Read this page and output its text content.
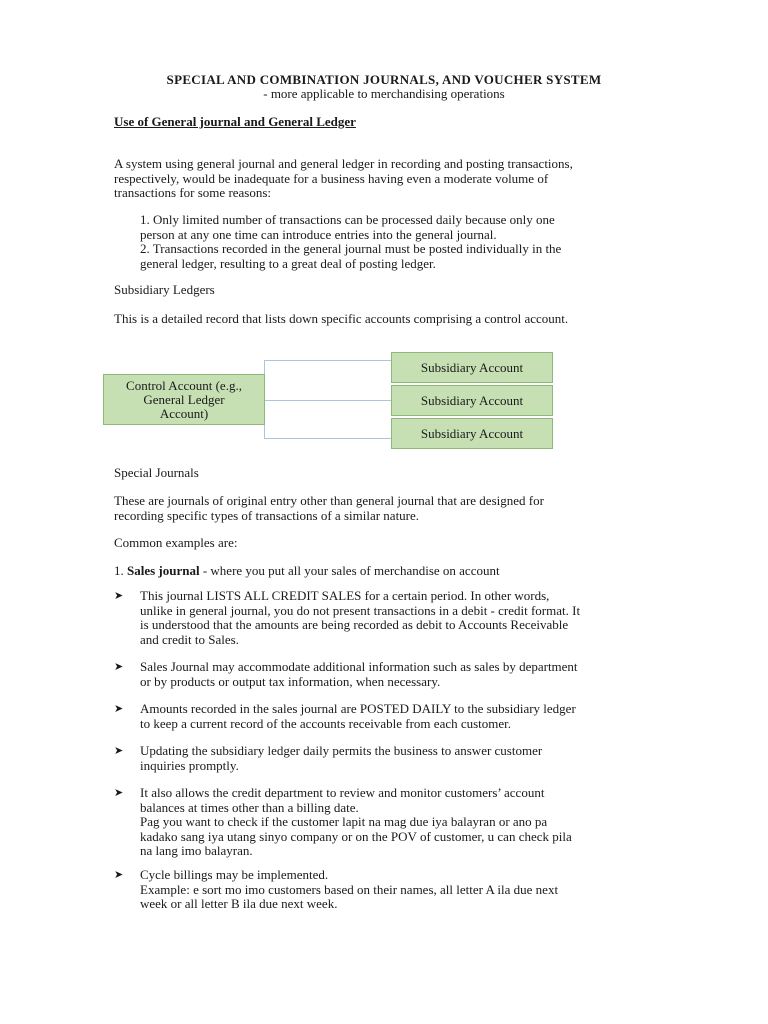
SPECIAL AND COMBINATION JOURNALS, AND VOUCHER SYSTEM
- more applicable to merchandising operations
Use of General journal and General Ledger
A system using general journal and general ledger in recording and posting transactions,
respectively, would be inadequate for a business having even a moderate volume of
transactions for some reasons:
1. Only limited number of transactions can be processed daily because only one
person at any one time can introduce entries into the general journal.
2. Transactions recorded in the general journal must be posted individually in the
general ledger, resulting to a great deal of posting ledger.
Subsidiary Ledgers
This is a detailed record that lists down specific accounts comprising a control account.
Control Account (e.g.,
General Ledger
Account)
Subsidiary Account
Subsidiary Account
Subsidiary Account
Special Journals
These are journals of original entry other than general journal that are designed for
recording specific types of transactions of a similar nature.
Common examples are:
1. Sales journal - where you put all your sales of merchandise on account
➤	This journal LISTS ALL CREDIT SALES for a certain period. In other words,
unlike in general journal, you do not present transactions in a debit - credit format. It
is understood that the amounts are being recorded as debit to Accounts Receivable
and credit to Sales.
➤	Sales Journal may accommodate additional information such as sales by department
or by products or output tax information, when necessary.
➤	Amounts recorded in the sales journal are POSTED DAILY to the subsidiary ledger
to keep a current record of the accounts receivable from each customer.
➤	Updating the subsidiary ledger daily permits the business to answer customer
inquiries promptly.
➤	It also allows the credit department to review and monitor customers’ account
balances at times other than a billing date.
Pag you want to check if the customer lapit na mag due iya balayran or ano pa
kadako sang iya utang sinyo company or on the POV of customer, u can check pila
na lang imo balayran.
➤	Cycle billings may be implemented.
Example: e sort mo imo customers based on their names, all letter A ila due next
week or all letter B ila due next week.
